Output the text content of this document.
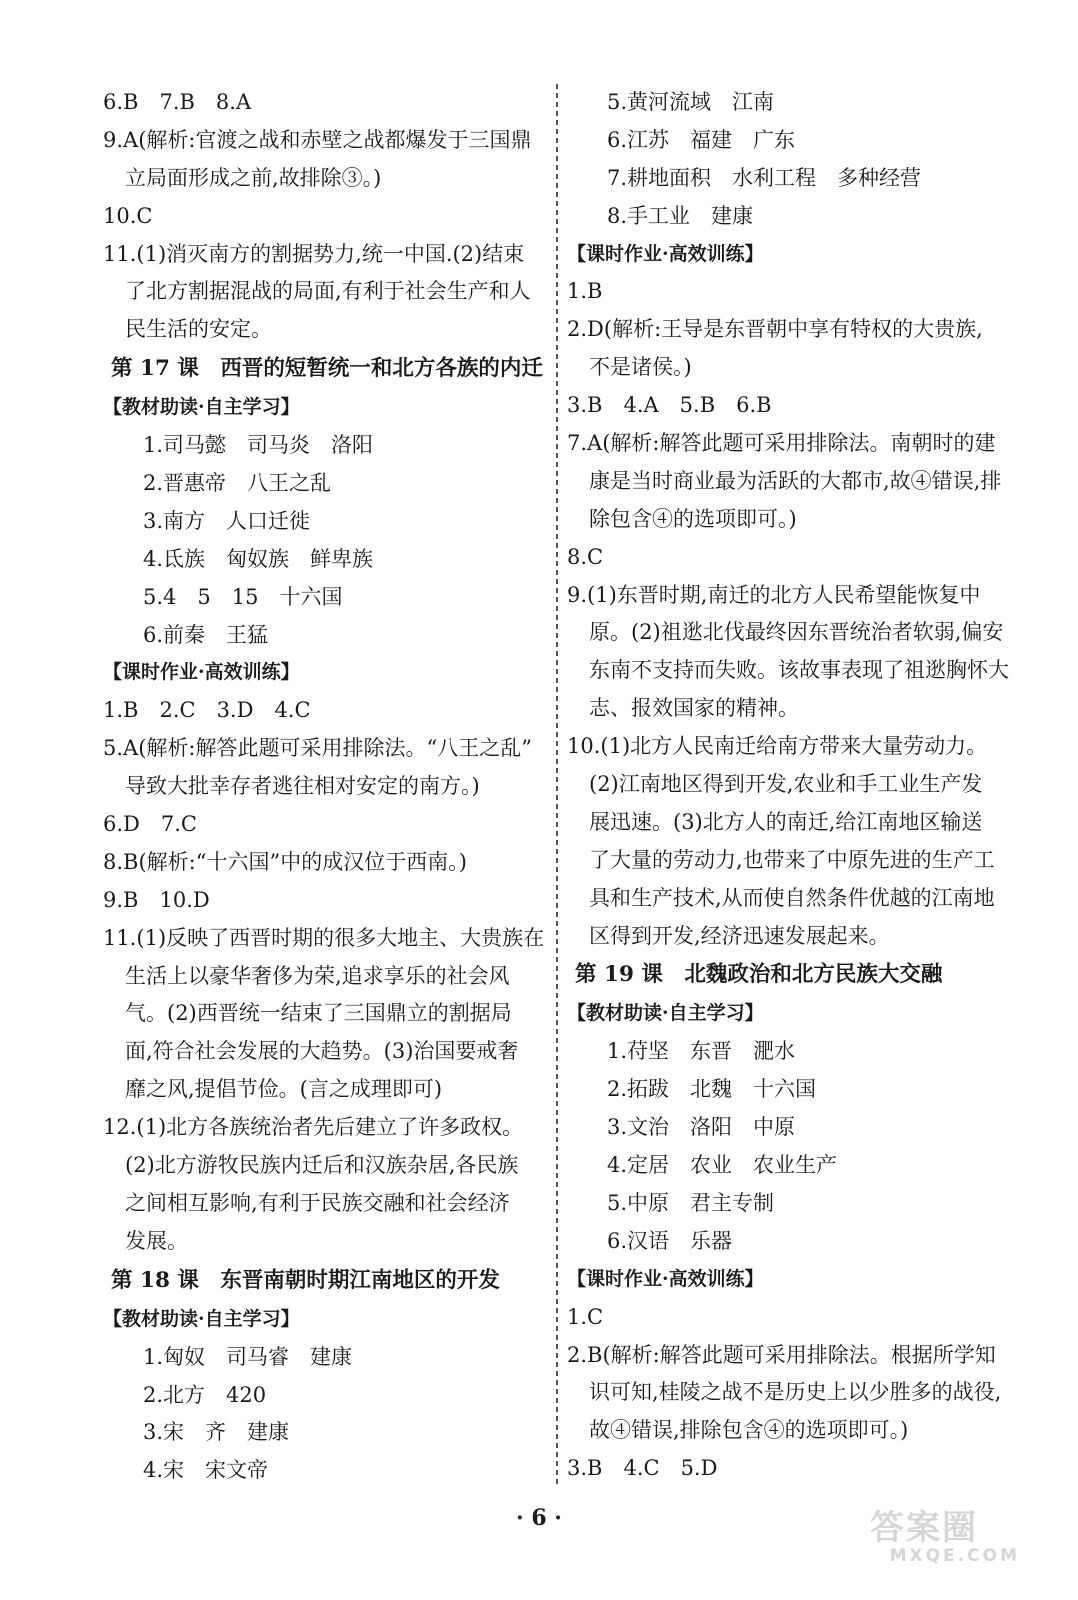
6.B　7.B　8.A
9.A(解析:官渡之战和赤壁之战都爆发于三国鼎
立局面形成之前,故排除③。)
10.C
11.(1)消灭南方的割据势力,统一中国.(2)结束
了北方割据混战的局面,有利于社会生产和人
民生活的安定。
第 17 课　西晋的短暂统一和北方各族的内迁
【教材助读·自主学习】
1.司马懿　司马炎　洛阳
2.晋惠帝　八王之乱
3.南方　人口迁徙
4.氐族　匈奴族　鲜卑族
5.4　5　15　十六国
6.前秦　王猛
【课时作业·高效训练】
1.B　2.C　3.D　4.C
5.A(解析:解答此题可采用排除法。“八王之乱”
导致大批幸存者逃往相对安定的南方。)
6.D　7.C
8.B(解析:“十六国”中的成汉位于西南。)
9.B　10.D
11.(1)反映了西晋时期的很多大地主、大贵族在
生活上以豪华奢侈为荣,追求享乐的社会风
气。(2)西晋统一结束了三国鼎立的割据局
面,符合社会发展的大趋势。(3)治国要戒奢
靡之风,提倡节俭。(言之成理即可)
12.(1)北方各族统治者先后建立了许多政权。
(2)北方游牧民族内迁后和汉族杂居,各民族
之间相互影响,有利于民族交融和社会经济
发展。
第 18 课　东晋南朝时期江南地区的开发
【教材助读·自主学习】
1.匈奴　司马睿　建康
2.北方　420
3.宋　齐　建康
4.宋　宋文帝
5.黄河流域　江南
6.江苏　福建　广东
7.耕地面积　水利工程　多种经营
8.手工业　建康
【课时作业·高效训练】
1.B
2.D(解析:王导是东晋朝中享有特权的大贵族,
不是诸侯。)
3.B　4.A　5.B　6.B
7.A(解析:解答此题可采用排除法。南朝时的建
康是当时商业最为活跃的大都市,故④错误,排
除包含④的选项即可。)
8.C
9.(1)东晋时期,南迁的北方人民希望能恢复中
原。(2)祖逖北伐最终因东晋统治者软弱,偏安
东南不支持而失败。该故事表现了祖逖胸怀大
志、报效国家的精神。
10.(1)北方人民南迁给南方带来大量劳动力。
(2)江南地区得到开发,农业和手工业生产发
展迅速。(3)北方人的南迁,给江南地区输送
了大量的劳动力,也带来了中原先进的生产工
具和生产技术,从而使自然条件优越的江南地
区得到开发,经济迅速发展起来。
第 19 课　北魏政治和北方民族大交融
【教材助读·自主学习】
1.苻坚　东晋　淝水
2.拓跋　北魏　十六国
3.文治　洛阳　中原
4.定居　农业　农业生产
5.中原　君主专制
6.汉语　乐器
【课时作业·高效训练】
1.C
2.B(解析:解答此题可采用排除法。根据所学知
识可知,桂陵之战不是历史上以少胜多的战役,
故④错误,排除包含④的选项即可。)
3.B　4.C　5.D
· 6 ·	答案圈
MXQE.COM
